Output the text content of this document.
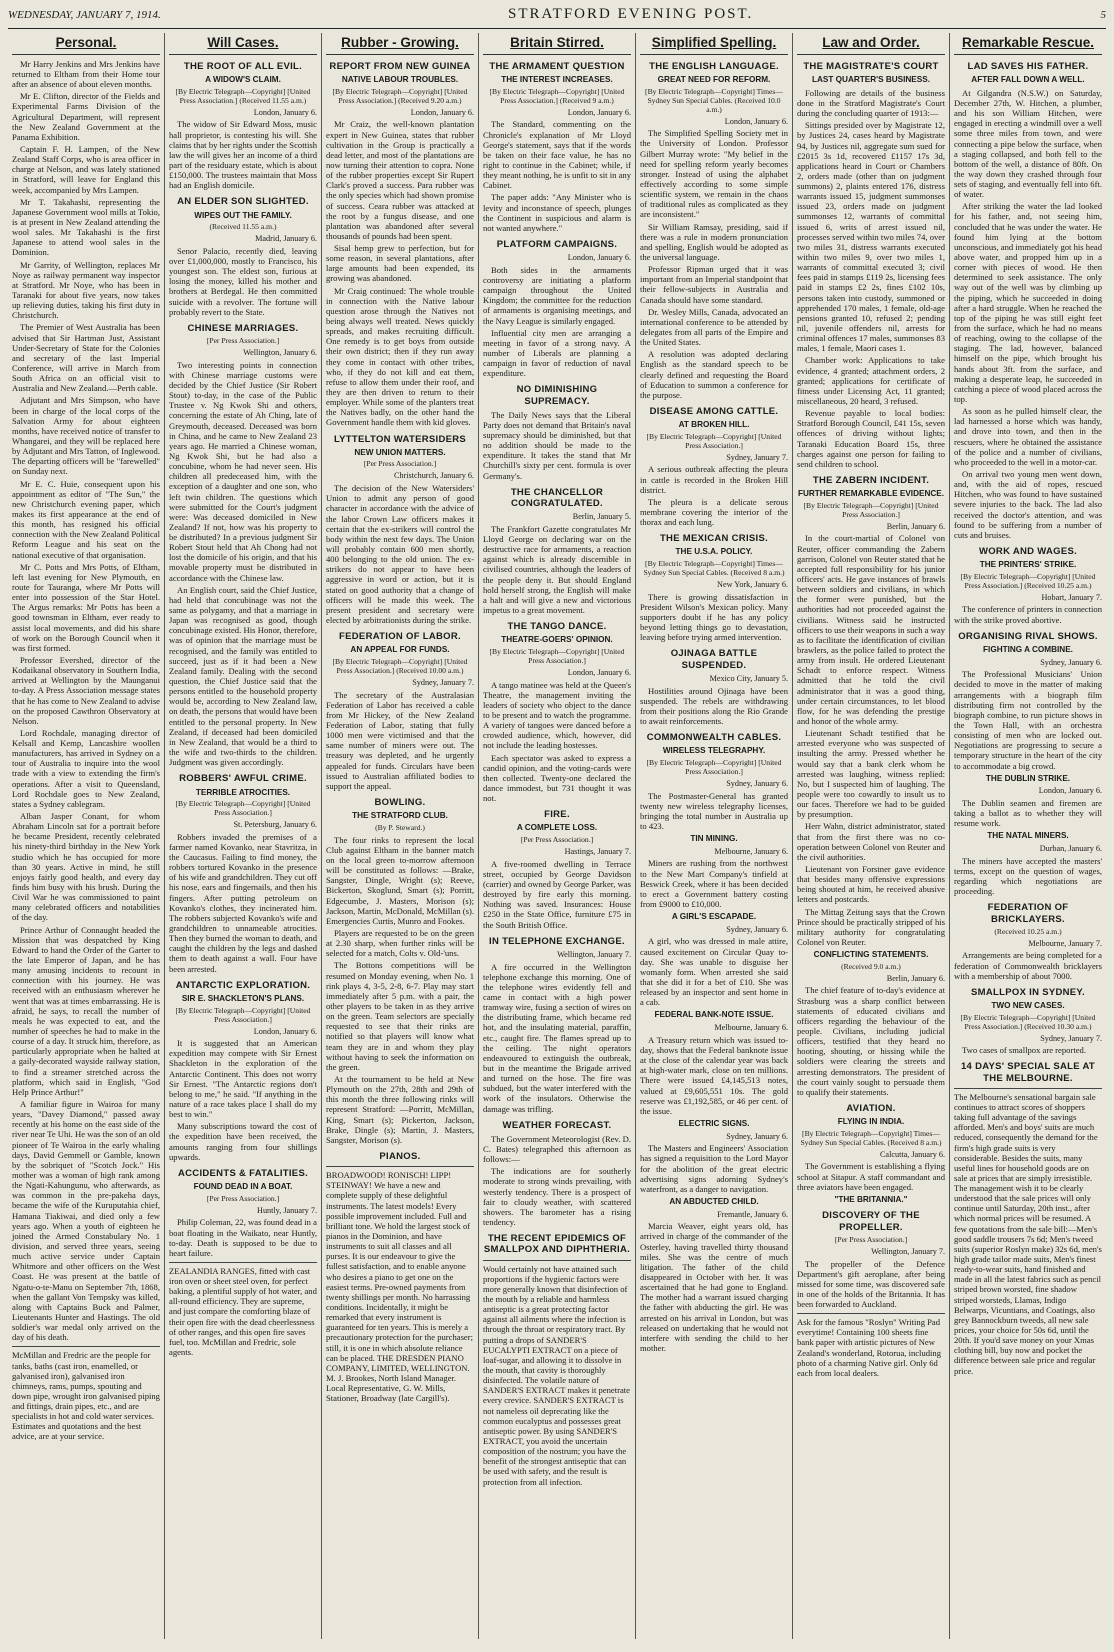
WEDNESDAY, JANUARY 7, 1914.	STRATFORD EVENING POST.	5
Personal.

Mr Harry Jenkins and Mrs Jenkins have returned to Eltham from their Home tour after an absence of about eleven months.

Mr E. Clifton, director of the Fields and Experimental Farms Division of the Agricultural Department, will represent the New Zealand Government at the Panama Exhibition.

Captain F. H. Lampen, of the New Zealand Staff Corps, who is area officer in charge at Nelson, and was lately stationed in Stratford, will leave for England this week, accompanied by Mrs Lampen.

Mr T. Takahashi, representing the Japanese Government wool mills at Tokio, is at present in New Zealand attending the wool sales. Mr Takahashi is the first Japanese to attend wool sales in the Dominion.

Mr Garrity, of Wellington, replaces Mr Noye as railway permanent way inspector at Stratford. Mr Noye, who has been in Taranaki for about five years, now takes up relieving duties, taking his first duty in Christchurch.

The Premier of West Australia has been advised that Sir Hartman Just, Assistant Under-Secretary of State for the Colonies and secretary of the last Imperial Conference, will arrive in March from South Africa on an official visit to Australia and New Zealand.—Perth cable.

Adjutant and Mrs Simpson, who have been in charge of the local corps of the Salvation Army for about eighteen months, have received notice of transfer to Whangarei, and they will be replaced here by Adjutant and Mrs Tatton, of Inglewood. The departing officers will be "farewelled" on Sunday next.

Mr E. C. Huie, consequent upon his appointment as editor of "The Sun," the new Christchurch evening paper, which makes its first appearance at the end of this month, has resigned his official connection with the New Zealand Political Reform League and his seat on the national executive of that organisation.

Mr C. Potts and Mrs Potts, of Eltham, left last evening for New Plymouth, en route for Tauranga, where Mr Potts will enter into possession of the Star Hotel. The Argus remarks: Mr Potts has been a good townsman in Eltham, ever ready to assist local movements, and did his share of work on the Borough Council when it was first formed.

Professor Evershed, director of the Kodaikanal observatory in Southern India, arrived at Wellington by the Maunganui to-day. A Press Association message states that he has come to New Zealand to advise on the proposed Cawthron Observatory at Nelson.

Lord Rochdale, managing director of Kelsall and Kemp, Lancashire woollen manufacturers, has arrived in Sydney on a tour of Australia to inquire into the wool trade with a view to extending the firm's operations. After a visit to Queensland, Lord Rochdale goes to New Zealand, states a Sydney cablegram.

Alban Jasper Conant, for whom Abraham Lincoln sat for a portrait before he became President, recently celebrated his ninety-third birthday in the New York studio which he has occupied for more than 30 years. Active in mind, he still enjoys fairly good health, and every day finds him busy with his brush. During the Civil War he was commissioned to paint many celebrated officers and notabilities of the day.

Prince Arthur of Connaught headed the Mission that was despatched by King Edward to hand the Order of the Garter to the late Emperor of Japan, and he has many amusing incidents to recount in connection with his journey. He was received with an enthusiasm wherever he went that was at times embarrassing. He is afraid, he says, to recall the number of meals he was expected to eat, and the number of speeches he had to make in the course of a day. It struck him, therefore, as particularly appropriate when he halted at a gaily-decorated wayside railway station, to find a streamer stretched across the platform, which said in English, "God Help Prince Arthur!"

A familiar figure in Wairoa for many years, "Davey Diamond," passed away recently at his home on the east side of the river near Te Uhi. He was the son of an old pioneer of Te Wairoa in the early whaling days, David Gemmell or Gamble, known by the sobriquet of "Scotch Jock." His mother was a woman of high rank among the Ngati-Kahungunu, who afterwards, as was common in the pre-pakeha days, became the wife of the Kuruputahia chief, Hamana Tiakiwai, and died only a few years ago. When a youth of eighteen he joined the Armed Constabulary No. 1 division, and served three years, seeing much active service under Captain Whitmore and other officers on the West Coast. He was present at the battle of Ngatu-o-te-Manu on September 7th, 1868, when the gallant Von Tempsky was killed, along with Captains Buck and Palmer, Lieutenants Hunter and Hastings. The old soldier's war medal only arrived on the day of his death.

McMillan and Fredric are the people for tanks, baths (cast iron, enamelled, or galvanised iron), galvanised iron chimneys, rams, pumps, spouting and down pipe, wrought iron galvanised piping and fittings, drain pipes, etc., and are specialists in hot and cold water services. Estimates and quotations and the best advice, are at your service.
Will Cases.
THE ROOT OF ALL EVIL.
A WIDOW'S CLAIM.
[By Electric Telegraph—Copyright] [United Press Association.] (Received 11.55 a.m.)
London, January 6.

The widow of Sir Edward Moss, music hall proprietor, is contesting his will. She claims that by her rights under the Scottish law the will gives her an income of a third part of the residuary estate, which is about £150,000. The trustees maintain that Moss had an English domicile.

AN ELDER SON SLIGHTED.
WIPES OUT THE FAMILY.
(Received 11.55 a.m.)
Madrid, January 6.

Senor Palacio, recently died, leaving over £1,000,000, mostly to Francisco, his youngest son. The eldest son, furious at losing the money, killed his mother and brothers at Berdegal. He then committed suicide with a revolver. The fortune will probably revert to the State.

CHINESE MARRIAGES.
[Per Press Association.]
Wellington, January 6.

Two interesting points in connection with Chinese marriage customs were decided by the Chief Justice (Sir Robert Stout) to-day, in the case of the Public Trustee v. Ng Kwok Shi and others, concerning the estate of Ah Ching, late of Greymouth, deceased. Deceased was born in China, and he came to New Zealand 23 years ago. He married a Chinese woman, Ng Kwok Shi, but he had also a concubine, whom he had never seen. His children all predeceased him, with the exception of a daughter and one son, who left twin children. The questions which were submitted for the Court's judgment were: Was deceased domiciled in New Zealand? If not, how was his property to be distributed? In a previous judgment Sir Robert Stout held that Ah Chong had not lost the domicile of his origin, and that his movable property must be distributed in accordance with the Chinese law.

An English court, said the Chief Justice, had held that concubinage was not the same as polygamy, and that a marriage in Japan was recognised as good, though concubinage existed. His Honor, therefore, was of opinion that the marriage must be recognised, and the family was entitled to succeed, just as if it had been a New Zealand family. Dealing with the second question, the Chief Justice said that the persons entitled to the household property would be, according to New Zealand law, on death, the persons that would have been entitled to the personal property. In New Zealand, if deceased had been domiciled in New Zealand, that would be a third to the wife and two-thirds to the children. Judgment was given accordingly.

ROBBERS' AWFUL CRIME.
TERRIBLE ATROCITIES.
[By Electric Telegraph—Copyright] [United Press Association.]
St. Petersburg, January 6.

Robbers invaded the premises of a farmer named Kovanko, near Stavritza, in the Caucasus. Failing to find money, the robbers tortured Kovanko in the presence of his wife and grandchildren. They cut off his nose, ears and fingernails, and then his fingers. After putting petroleum on Kovanko's clothes, they incinerated him. The robbers subjected Kovanko's wife and grandchildren to unnameable atrocities. Then they burned the woman to death, and caught the children by the legs and dashed them to death against a wall. Four have been arrested.

ANTARCTIC EXPLORATION.
SIR E. SHACKLETON'S PLANS.
[By Electric Telegraph—Copyright] [United Press Association.]
London, January 6.

It is suggested that an American expedition may compete with Sir Ernest Shackleton in the exploration of the Antarctic Continent. This does not worry Sir Ernest. "The Antarctic regions don't belong to me," he said. "If anything in the nature of a race takes place I shall do my best to win."

Many subscriptions toward the cost of the expedition have been received, the amounts ranging from four shillings upwards.

ACCIDENTS & FATALITIES.
FOUND DEAD IN A BOAT.
[Per Press Association.]
Huntly, January 7.

Philip Coleman, 22, was found dead in a boat floating in the Waikato, near Huntly, to-day. Death is supposed to be due to heart failure.

ZEALANDIA RANGES, fitted with cast iron oven or sheet steel oven, for perfect baking, a plentiful supply of hot water, and all-round efficiency. They are supreme, and just compare the comforting blaze of their open fire with the dead cheerlessness of other ranges, and this open fire saves fuel, too. McMillan and Fredric, sole agents.
Rubber - Growing.
REPORT FROM NEW GUINEA
NATIVE LABOUR TROUBLES.
[By Electric Telegraph—Copyright] [United Press Association.] (Received 9.20 a.m.)
London, January 6.

Mr Craiz, the well-known plantation expert in New Guinea, states that rubber cultivation in the Group is practically a dead letter, and most of the plantations are now turning their attention to copra. None of the rubber properties except Sir Rupert Clark's proved a success. Para rubber was the only species which had shown promise of success. Ceara rubber was attacked at the root by a fungus disease, and one plantation was abandoned after several thousands of pounds had been spent.

Sisal hemp grew to perfection, but for some reason, in several plantations, after large amounts had been expended, its growing was abandoned.

Mr Craig continued: The whole trouble in connection with the Native labour question arose through the Natives not being always well treated. News quickly spreads, and makes recruiting difficult. One remedy is to get boys from outside their own district; then if they run away they come in contact with other tribes, who, if they do not kill and eat them, refuse to allow them under their roof, and they are then driven to return to their employer. While some of the planters treat the Natives badly, on the other hand the Government handle them with kid gloves.

LYTTELTON WATERSIDERS
NEW UNION MATTERS.
[Per Press Association.]
Christchurch, January 6.

The decision of the New Watersiders' Union to admit any person of good character in accordance with the advice of the labor Crown Law officers makes it certain that the ex-strikers will control the body within the next few days. The Union will probably contain 600 men shortly, 400 belonging to the old union. The ex-strikers do not appear to have been aggressive in word or action, but it is stated on good authority that a change of officers will be made this week. The present president and secretary were elected by arbitrationists during the strike.

FEDERATION OF LABOR.
AN APPEAL FOR FUNDS.
[By Electric Telegraph—Copyright] [United Press Association.] (Received 10.00 a.m.)
Sydney, January 7.

The secretary of the Australasian Federation of Labor has received a cable from Mr Hickey, of the New Zealand Federation of Labor, stating that fully 1000 men were victimised and that the same number of miners were out. The treasury was depleted, and he urgently appealed for funds. Circulars have been issued to Australian affiliated bodies to support the appeal.

BOWLING.
THE STRATFORD CLUB.
(By P. Steward.)

The four rinks to represent the local Club against Eltham in the banner match on the local green to-morrow afternoon will be constituted as follows: —Brake, Sangster, Dingle, Wright (s); Reeve, Bickerton, Skoglund, Smart (s); Porritt, Edgecumbe, J. Masters, Morison (s); Jackson, Martin, McDonald, McMillan (s). Emergencies Curtis, Munro and Fookes.

Players are requested to be on the green at 2.30 sharp, when further rinks will be selected for a match, Colts v. Old-'uns.

The Bottons competitions will be resumed on Monday evening, when No. 1 rink plays 4, 3-5, 2-8, 6-7. Play may start immediately after 5 p.m. with a pair, the other players to be taken in as they arrive on the green. Team selectors are specially requested to see that their rinks are notified so that players will know what team they are in and whom they play without having to seek the information on the green.

At the tournament to be held at New Plymouth on the 27th, 28th and 29th of this month the three following rinks will represent Stratford: —Porritt, McMillan, King, Smart (s); Pickerton, Jackson, Brake, Dingle (s); Martin, J. Masters, Sangster, Morison (s).

PIANOS.
BROADWOOD! RONISCH! LIPP! STEINWAY! We have a new and complete supply of these delightful instruments. The latest models! Every possible improvement included. Full and brilliant tone. We hold the largest stock of pianos in the Dominion, and have instruments to suit all classes and all purses. It is our endeavour to give the fullest satisfaction, and to enable anyone who desires a piano to get one on the easiest terms. Pre-owned payments from twenty shillings per month. No harrassing conditions. Incidentally, it might be remarked that every instrument is guaranteed for ten years. This is merely a precautionary protection for the purchaser; still, it is one in which absolute reliance can be placed. THE DRESDEN PIANO COMPANY, LIMITED, WELLINGTON. M. J. Brookes, North Island Manager. Local Representative, G. W. Mills, Stationer, Broadway (late Cargill's).
Britain Stirred.
THE ARMAMENT QUESTION
THE INTEREST INCREASES.
[By Electric Telegraph—Copyright] [United Press Association.] (Received 9 a.m.)
London, January 6.

The Standard, commenting on the Chronicle's explanation of Mr Lloyd George's statement, says that if the words be taken on their face value, he has no right to continue in the Cabinet; while, if they meant nothing, he is unfit to sit in any Cabinet.

The paper adds: "Any Minister who is levity and inconstance of speech, plunges the Continent in suspicious and alarm is not wanted anywhere."

PLATFORM CAMPAIGNS.
London, January 6.

Both sides in the armaments controversy are initiating a platform campaign throughout the United Kingdom; the committee for the reduction of armaments is organising meetings, and the Navy League is similarly engaged.

Influential city men are arranging a meeting in favor of a strong navy. A number of Liberals are planning a campaign in favor of reduction of naval expenditure.

NO DIMINISHING SUPREMACY.

The Daily News says that the Liberal Party does not demand that Britain's naval supremacy should be diminished, but that no addition should be made to the expenditure. It takes the stand that Mr Churchill's sixty per cent. formula is over Germany's.

THE CHANCELLOR CONGRATULATED.
Berlin, January 5.

The Frankfort Gazette congratulates Mr Lloyd George on declaring war on the destructive race for armaments, a reaction against which is already discernible in civilised countries, although the leaders of the people deny it. But should England hold herself strong, the English will make a halt and will give a new and victorious impetus to a great movement.

THE TANGO DANCE.
THEATRE-GOERS' OPINION.
[By Electric Telegraph—Copyright] [United Press Association.]
London, January 6.

A tango matinee was held at the Queen's Theatre, the management inviting the leaders of society who object to the dance to be present and to watch the programme. A variety of tangoes were danced before a crowded audience, which, however, did not include the leading hostesses.

Each spectator was asked to express a candid opinion, and the voting-cards were then collected. Twenty-one declared the dance immodest, but 731 thought it was not.

FIRE.
A COMPLETE LOSS.
[Per Press Association.]
Hastings, January 7.

A five-roomed dwelling in Terrace street, occupied by George Davidson (carrier) and owned by George Parker, was destroyed by fire early this morning. Nothing was saved. Insurances: House £250 in the State Office, furniture £75 in the South British Office.

IN TELEPHONE EXCHANGE.
Wellington, January 7.

A fire occurred in the Wellington telephone exchange this morning. One of the telephone wires evidently fell and came in contact with a high power tramway wire, fusing a section of wires on the distributing frame, which became red hot, and the insulating material, paraffin, etc., caught fire. The flames spread up to the ceiling. The night operators endeavoured to extinguish the outbreak, but in the meantime the Brigade arrived and turned on the hose. The fire was subdued, but the water interfered with the work of the insulators. Otherwise the damage was trifling.

WEATHER FORECAST.

The Government Meteorologist (Rev. D. C. Bates) telegraphed this afternoon as follows:—

The indications are for southerly moderate to strong winds prevailing, with westerly tendency. There is a prospect of fair to cloudy weather, with scattered showers. The barometer has a rising tendency.

THE RECENT EPIDEMICS OF SMALLPOX AND DIPHTHERIA.
Would certainly not have attained such proportions if the hygienic factors were more generally known that disinfection of the mouth by a reliable and harmless antiseptic is a great protecting factor against all ailments where the infection is through the throat or respiratory tract. By putting a drops of SANDER'S EUCALYPTI EXTRACT on a piece of loaf-sugar, and allowing it to dissolve in the mouth, that cavity is thoroughly disinfected. The volatile nature of SANDER'S EXTRACT makes it penetrate every crevice. SANDER'S EXTRACT is not nameless oil deprecating like the common eucalyptus and possesses great antiseptic power. By using SANDER'S EXTRACT, you avoid the uncertain composition of the nostrum; you have the benefit of the strongest antiseptic that can be used with safety, and the result is protection from all infection.
Simplified Spelling.
THE ENGLISH LANGUAGE.
GREAT NEED FOR REFORM.
[By Electric Telegraph—Copyright] Times—Sydney Sun Special Cables. (Received 10.0 a.m.)
London, January 6.

The Simplified Spelling Society met in the University of London. Professor Gilbert Murray wrote: "My belief in the need for spelling reform yearly becomes stronger. Instead of using the alphabet effectively according to some simple scientific system, we remain in the chaos of traditional rules as complicated as they are inconsistent."

Sir William Ramsay, presiding, said if there was a rule in modern pronunciation and spelling, English would be adopted as the universal language.

Professor Ripman urged that it was important from an Imperial standpoint that their fellow-subjects in Australia and Canada should have some standard.

Dr. Wesley Mills, Canada, advocated an international conference to be attended by delegates from all parts of the Empire and the United States.

A resolution was adopted declaring English as the standard speech to be clearly defined and requesting the Board of Education to summon a conference for the purpose.

DISEASE AMONG CATTLE.
AT BROKEN HILL.
[By Electric Telegraph—Copyright] [United Press Association.]
Sydney, January 7.

A serious outbreak affecting the pleura in cattle is recorded in the Broken Hill district.

The pleura is a delicate serous membrane covering the interior of the thorax and each lung.

THE MEXICAN CRISIS.
THE U.S.A. POLICY.
[By Electric Telegraph—Copyright] Times—Sydney Sun Special Cables. (Received 8 a.m.)
New York, January 6.

There is growing dissatisfaction in President Wilson's Mexican policy. Many supporters doubt if he has any policy beyond letting things go to devastation, leaving before trying armed intervention.

OJINAGA BATTLE SUSPENDED.
Mexico City, January 5.

Hostilities around Ojinaga have been suspended. The rebels are withdrawing from their positions along the Rio Grande to await reinforcements.

COMMONWEALTH CABLES.
WIRELESS TELEGRAPHY.
[By Electric Telegraph—Copyright] [United Press Association.]
Sydney, January 6.

The Postmaster-General has granted twenty new wireless telegraphy licenses, bringing the total number in Australia up to 423.

TIN MINING.
Melbourne, January 6.

Miners are rushing from the northwest to the New Mart Company's tinfield at Beswick Creek, where it has been decided to erect a Government battery costing from £9000 to £10,000.

A GIRL'S ESCAPADE.
Sydney, January 6.

A girl, who was dressed in male attire, caused excitement on Circular Quay to-day. She was unable to disguise her womanly form. When arrested she said that she did it for a bet of £10. She was released by an inspector and sent home in a cab.

FEDERAL BANK-NOTE ISSUE.
Melbourne, January 6.

A Treasury return which was issued to-day, shows that the Federal banknote issue at the close of the calendar year was back at high-water mark, close on ten millions. There were issued £4,145,513 notes, valued at £9,605,551 10s. The gold reserve was £1,192,585, or 46 per cent. of the issue.

ELECTRIC SIGNS.
Sydney, January 6.

The Masters and Engineers' Association has signed a requisition to the Lord Mayor for the abolition of the great electric advertising signs adorning Sydney's waterfront, as a danger to navigation.

AN ABDUCTED CHILD.
Fremantle, January 6.

Marcia Weaver, eight years old, has arrived in charge of the commander of the Osterley, having travelled thirty thousand miles. She was the centre of much litigation. The father of the child disappeared in October with her. It was ascertained that he had gone to England. The mother had a warrant issued charging the father with abducting the girl. He was arrested on his arrival in London, but was released on undertaking that he would not interfere with sending the child to her mother.

Law and Order.
THE MAGISTRATE'S COURT
LAST QUARTER'S BUSINESS.

Following are details of the business done in the Stratford Magistrate's Court during the concluding quarter of 1913:—

Sittings presided over by Magistrate 12, by Justices 24, cases heard by Magistrate 94, by Justices nil, aggregate sum sued for £2015 3s 1d, recovered £1157 17s 3d, applications heard in Court or Chambers 2, orders made (other than on judgment summons) 2, plaints entered 176, distress warrants issued 15, judgment summonses issued 23, orders made on judgment summonses 12, warrants of committal issued 6, writs of arrest issued nil, processes served within two miles 74, over two miles 31, distress warrants executed within two miles 9, over two miles 1, warrants of committal executed 3; civil fees paid in stamps £119 2s, licensing fees paid in stamps £2 2s, fines £102 10s, persons taken into custody, summoned or apprehended 170 males, 1 female, old-age pensions granted 10, refused 2; pending nil, juvenile offenders nil, arrests for criminal offences 17 males, summonses 83 males, 1 female, Maori cases 1.

Chamber work: Applications to take evidence, 4 granted; attachment orders, 2 granted; applications for certificate of fitness under Licensing Act, 11 granted; miscellaneous, 20 heard, 3 refused.

Revenue payable to local bodies: Stratford Borough Council, £41 15s, seven offences of driving without lights; Taranaki Education Board 15s, three charges against one person for failing to send children to school.

THE ZABERN INCIDENT.
FURTHER REMARKABLE EVIDENCE.
[By Electric Telegraph—Copyright] [United Press Association.]
Berlin, January 6.

In the court-martial of Colonel von Reuter, officer commanding the Zabern garrison, Colonel von Reuter stated that he accepted full responsibility for his junior officers' acts. He gave instances of brawls between soldiers and civilians, in which the former were punished, but the authorities had not proceeded against the civilians. Witness said he instructed officers to use their weapons in such a way as to facilitate the identification of civilian brawlers, as the police failed to protect the army from insult. He ordered Lieutenant Schadt to enforce respect. Witness admitted that he told the civil administrator that it was a good thing, under certain circumstances, to let blood flow, for he was defending the prestige and honor of the whole army.

Lieutenant Schadt testified that he arrested everyone who was suspected of insulting the army. Pressed whether he would say that a bank clerk whom he arrested was laughing, witness replied: No, but I suspected him of laughing. The people were too cowardly to insult us to our faces. Therefore we had to be guided by presumption.

Herr Wahn, district administrator, stated that from the first there was no co-operation between Colonel von Reuter and the civil authorities.

Lieutenant von Forstner gave evidence that besides many offensive expressions being shouted at him, he received abusive letters and postcards.

The Mittag Zeitung says that the Crown Prince should be practically stripped of his military authority for congratulating Colonel von Reuter.

CONFLICTING STATEMENTS.
(Received 9.0 a.m.)
Berlin, January 6.

The chief feature of to-day's evidence at Strasburg was a sharp conflict between statements of educated civilians and officers regarding the behaviour of the people. Civilians, including judicial officers, testified that they heard no hooting, shouting, or hissing while the soldiers were clearing the streets and arresting demonstrators. The president of the court vainly sought to persuade them to qualify their statements.

AVIATION.
FLYING IN INDIA.
[By Electric Telegraph—Copyright] Times—Sydney Sun Special Cables. (Received 8 a.m.)
Calcutta, January 6.

The Government is establishing a flying school at Sitapur. A staff commandant and three aviators have been engaged.

"THE BRITANNIA."
DISCOVERY OF THE PROPELLER.
[Per Press Association.]
Wellington, January 7.

The propeller of the Defence Department's gift aeroplane, after being missed for some time, was discovered safe in one of the holds of the Britannia. It has been forwarded to Auckland.

Ask for the famous "Roslyn" Writing Pad everytime! Containing 100 sheets fine bank paper with artistic pictures of New Zealand's wonderland, Rotorua, including photo of a charming Native girl. Only 6d each from local dealers.
Remarkable Rescue.
LAD SAVES HIS FATHER.
AFTER FALL DOWN A WELL.

At Gilgandra (N.S.W.) on Saturday, December 27th, W. Hitchen, a plumber, and his son William Hitchen, were engaged in erecting a windmill over a well some three miles from town, and were connecting a pipe below the surface, when a staging collapsed, and both fell to the bottom of the well, a distance of 80ft. On the way down they crashed through four sets of staging, and eventually fell into 6ft. of water.

After striking the water the lad looked for his father, and, not seeing him, concluded that he was under the water. He found him lying at the bottom unconscious, and immediately got his head above water, and propped him up in a corner with pieces of wood. He then determined to seek assistance. The only way out of the well was by climbing up the piping, which he succeeded in doing after a hard struggle. When he reached the top of the piping he was still eight feet from the surface, which he had no means of reaching, owing to the collapse of the staging. The lad, however, balanced himself on the pipe, which brought his hands about 3ft. from the surface, and making a desperate leap, he succeeded in catching a piece of wood placed across the top.

As soon as he pulled himself clear, the lad harnessed a horse which was handy, and drove into town, and then in the rescuers, where he obtained the assistance of the police and a number of civilians, who proceeded to the well in a motor-car.

On arrival two young men went down, and, with the aid of ropes, rescued Hitchen, who was found to have sustained severe injuries to the back. The lad also received the doctor's attention, and was found to be suffering from a number of cuts and bruises.

WORK AND WAGES.
THE PRINTERS' STRIKE.
[By Electric Telegraph—Copyright] [United Press Association.] (Received 10.25 a.m.)
Hobart, January 7.

The conference of printers in connection with the strike proved abortive.

ORGANISING RIVAL SHOWS.
FIGHTING A COMBINE.
Sydney, January 6.

The Professional Musicians' Union decided to move in the matter of making arrangements with a biograph film distributing firm not controlled by the biograph combine, to run picture shows in the Town Hall, with an orchestra consisting of men who are locked out. Negotiations are progressing to secure a temporary structure in the heart of the city to accommodate a big crowd.

THE DUBLIN STRIKE.
London, January 6.

The Dublin seamen and firemen are taking a ballot as to whether they will resume work.

THE NATAL MINERS.
Durban, January 6.

The miners have accepted the masters' terms, except on the question of wages, regarding which negotiations are proceeding.

FEDERATION OF BRICKLAYERS.
(Received 10.25 a.m.)
Melbourne, January 7.

Arrangements are being completed for a federation of Commonwealth bricklayers with a membership of about 7000.

SMALLPOX IN SYDNEY.
TWO NEW CASES.
[By Electric Telegraph—Copyright] [United Press Association.] (Received 10.30 a.m.)
Sydney, January 7.

Two cases of smallpox are reported.

14 DAYS' SPECIAL SALE AT THE MELBOURNE.
The Melbourne's sensational bargain sale continues to attract scores of shoppers taking full advantage of the savings afforded. Men's and boys' suits are much reduced, consequently the demand for the firm's high grade suits is very considerable. Besides the suits, many useful lines for household goods are on sale at prices that are simply irresistible. The management wish it to be clearly understood that the sale prices will only continue until Saturday, 20th inst., after which normal prices will be resumed. A few quotations from the sale bill:—Men's good saddle trousers 7s 6d; Men's tweed suits (superior Roslyn make) 32s 6d, men's high grade tailor made suits, Men's finest ready-to-wear suits, hand finished and made in all the latest fabrics such as pencil striped brown worsted, fine shadow striped worsteds, Llamas, Indigo Belwarps, Vicuntians, and Coatings, also grey Bannockburn tweeds, all new sale prices, your choice for 50s 6d, until the 20th. If you'd save money on your Xmas clothing bill, buy now and pocket the difference between sale price and regular price.
